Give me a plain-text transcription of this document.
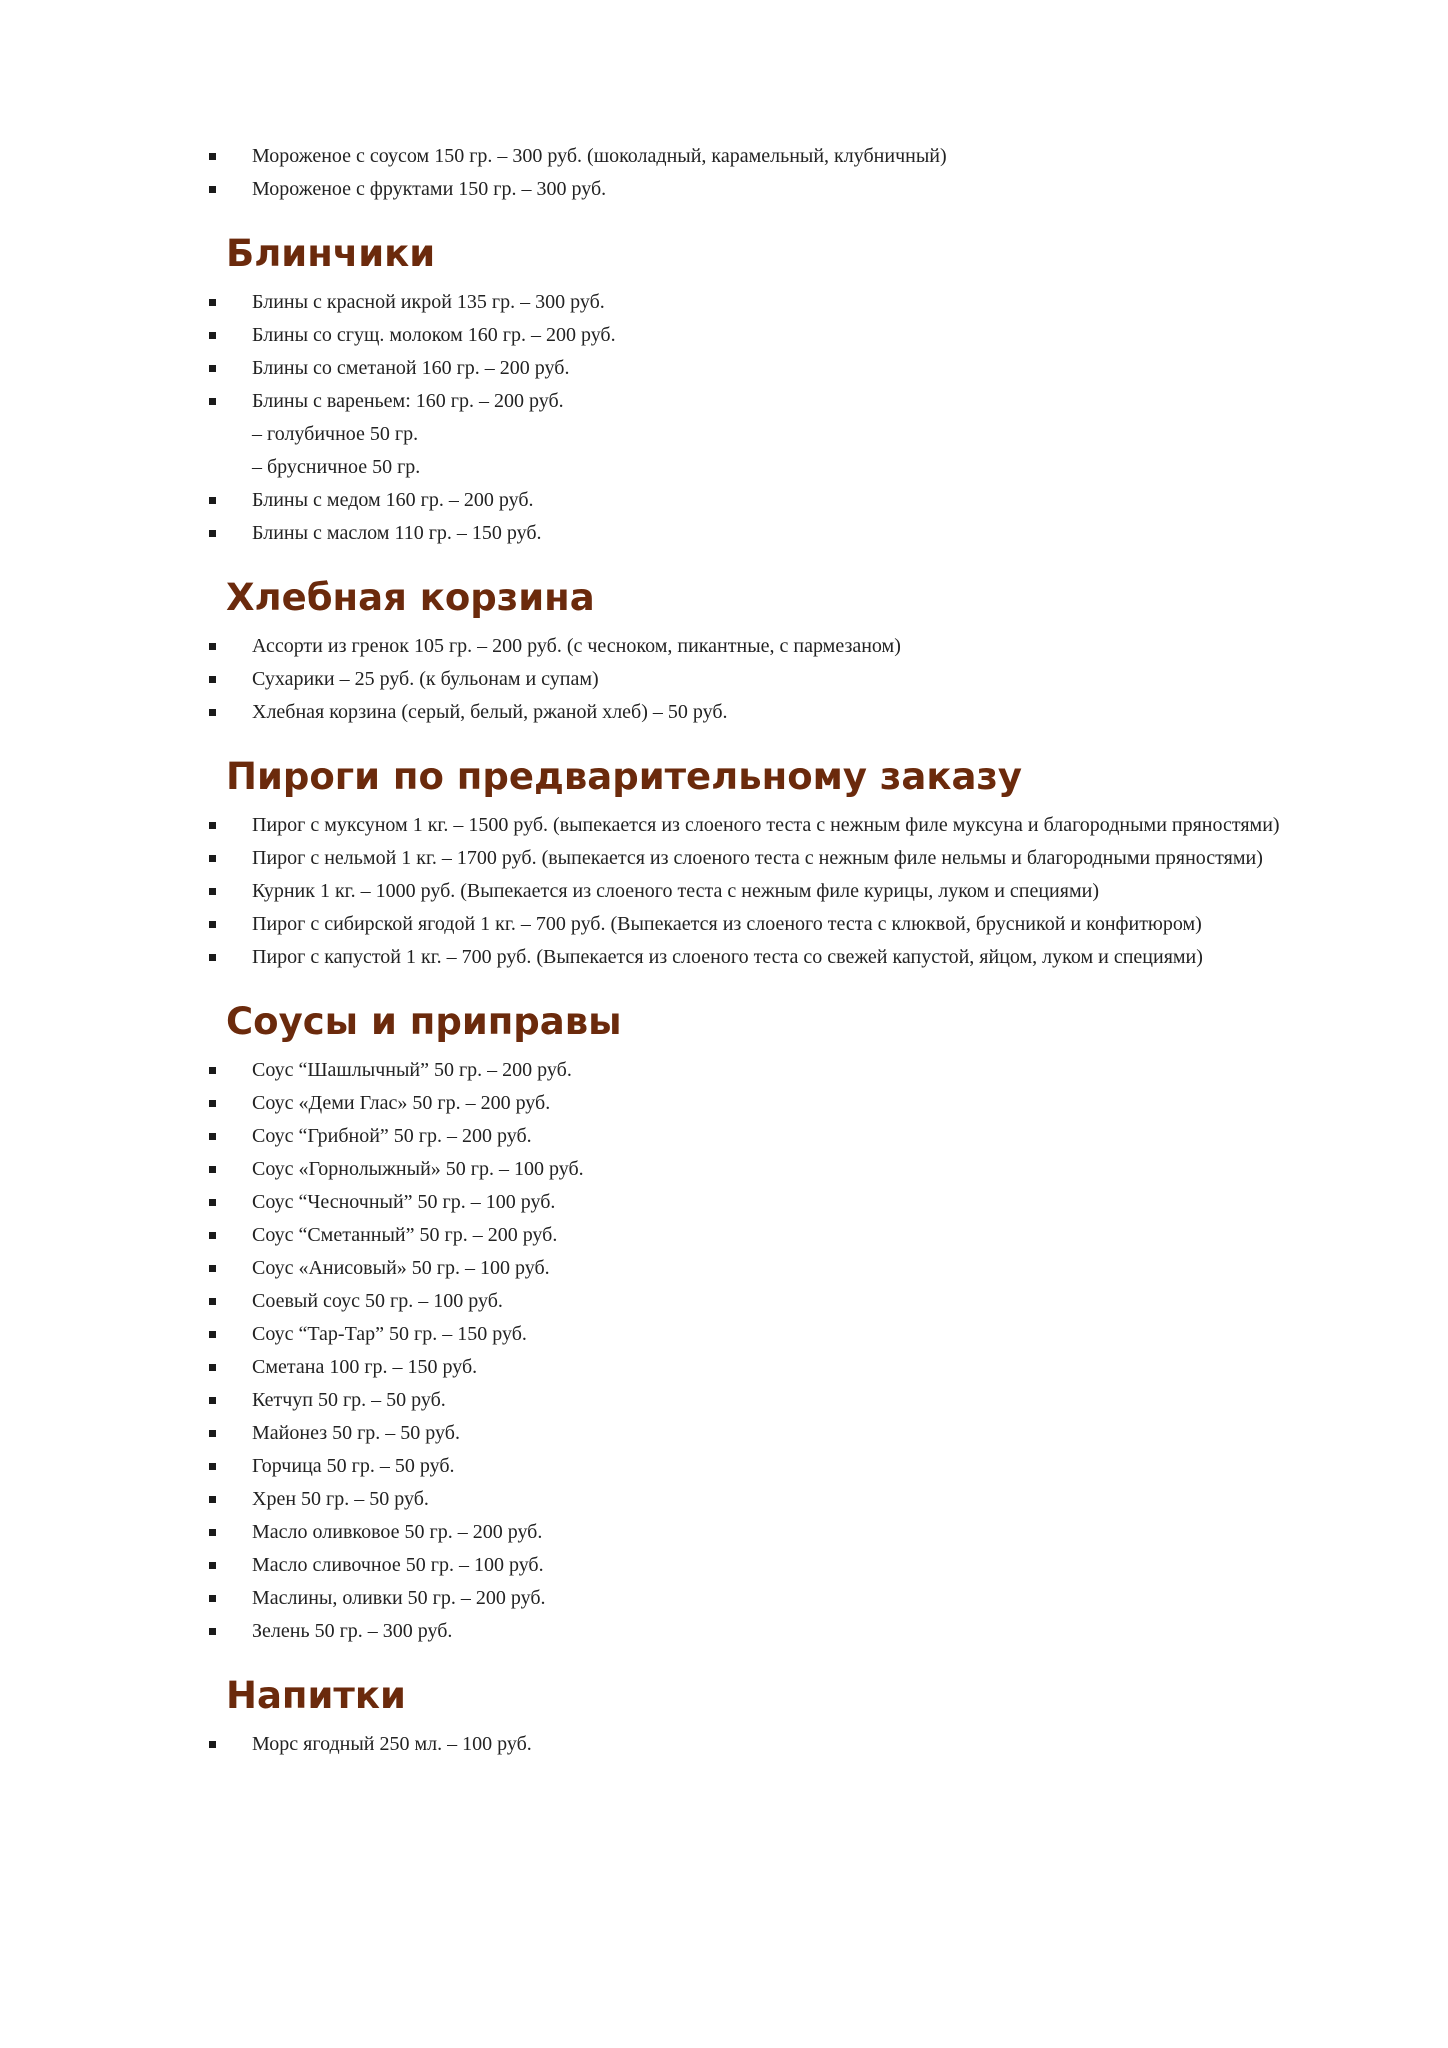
Мороженое с соусом 150 гр. – 300 руб. (шоколадный, карамельный, клубничный)
Мороженое с фруктами 150 гр. – 300 руб.
Блинчики
Блины с красной икрой 135 гр. – 300 руб.
Блины со сгущ. молоком 160 гр. – 200 руб.
Блины со сметаной 160 гр. – 200 руб.
Блины с вареньем: 160 гр. – 200 руб.
– голубичное 50 гр.
– брусничное 50 гр.
Блины с медом 160 гр. – 200 руб.
Блины с маслом 110 гр. – 150 руб.
Хлебная корзина
Ассорти из гренок 105 гр. – 200 руб. (с чесноком, пикантные, с пармезаном)
Сухарики – 25 руб. (к бульонам и супам)
Хлебная корзина (серый, белый, ржаной хлеб) – 50 руб.
Пироги по предварительному заказу
Пирог с муксуном 1 кг. – 1500 руб. (выпекается из слоеного теста с нежным филе муксуна и благородными пряностями)
Пирог с нельмой 1 кг. – 1700 руб. (выпекается из слоеного теста с нежным филе нельмы и благородными пряностями)
Курник 1 кг. – 1000 руб. (Выпекается из слоеного теста с нежным филе курицы, луком и специями)
Пирог с сибирской ягодой 1 кг. – 700 руб. (Выпекается из слоеного теста с клюквой, брусникой и конфитюром)
Пирог с капустой 1 кг. – 700 руб. (Выпекается из слоеного теста со свежей капустой, яйцом, луком и специями)
Соусы и приправы
Соус “Шашлычный” 50 гр. – 200 руб.
Соус «Деми Глас» 50 гр. – 200 руб.
Соус “Грибной” 50 гр. – 200 руб.
Соус «Горнолыжный» 50 гр. – 100 руб.
Соус “Чесночный” 50 гр. – 100 руб.
Соус “Сметанный” 50 гр. – 200 руб.
Соус «Анисовый» 50 гр. – 100 руб.
Соевый соус 50 гр. – 100 руб.
Соус “Тар-Тар” 50 гр. – 150 руб.
Сметана 100 гр. – 150 руб.
Кетчуп 50 гр. – 50 руб.
Майонез 50 гр. – 50 руб.
Горчица 50 гр. – 50 руб.
Хрен 50 гр. – 50 руб.
Масло оливковое 50 гр. – 200 руб.
Масло сливочное 50 гр. – 100 руб.
Маслины, оливки 50 гр. – 200 руб.
Зелень 50 гр. – 300 руб.
Напитки
Морс ягодный 250 мл. – 100 руб.
